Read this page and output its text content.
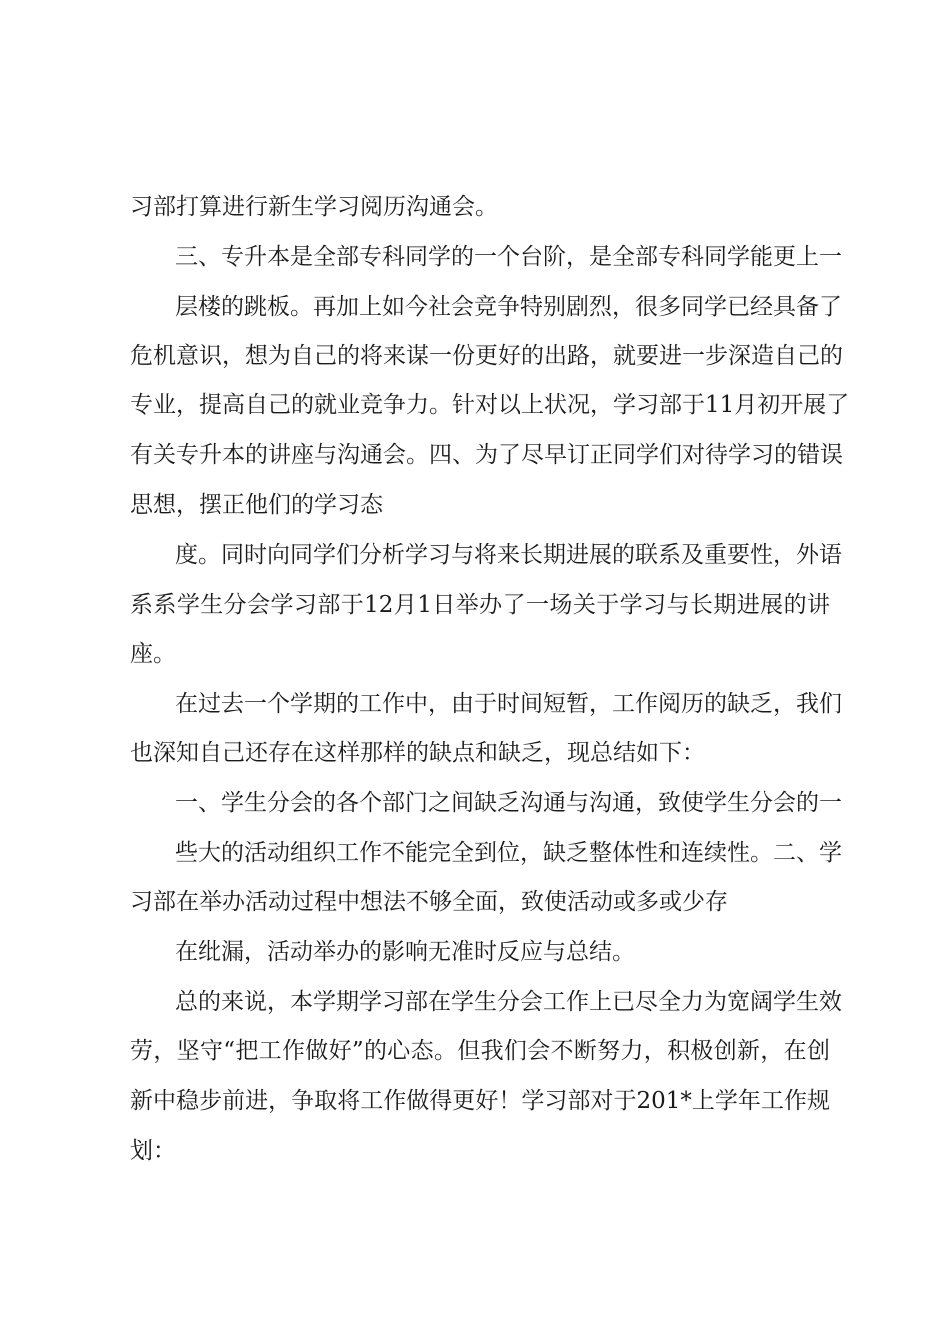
习部打算进行新生学习阅历沟通会。
三、专升本是全部专科同学的一个台阶，是全部专科同学能更上一
层楼的跳板。再加上如今社会竞争特别剧烈，很多同学已经具备了
危机意识，想为自己的将来谋一份更好的出路，就要进一步深造自己的
专业，提高自己的就业竞争力。针对以上状况，学习部于11月初开展了
有关专升本的讲座与沟通会。四、为了尽早订正同学们对待学习的错误
思想，摆正他们的学习态
度。同时向同学们分析学习与将来长期进展的联系及重要性，外语
系系学生分会学习部于12月1日举办了一场关于学习与长期进展的讲
座。
在过去一个学期的工作中，由于时间短暂，工作阅历的缺乏，我们
也深知自己还存在这样那样的缺点和缺乏，现总结如下：
一、学生分会的各个部门之间缺乏沟通与沟通，致使学生分会的一
些大的活动组织工作不能完全到位，缺乏整体性和连续性。二、学
习部在举办活动过程中想法不够全面，致使活动或多或少存
在纰漏，活动举办的影响无准时反应与总结。
总的来说，本学期学习部在学生分会工作上已尽全力为宽阔学生效
劳，坚守“把工作做好”的心态。但我们会不断努力，积极创新，在创
新中稳步前进，争取将工作做得更好！学习部对于201*上学年工作规
划：
